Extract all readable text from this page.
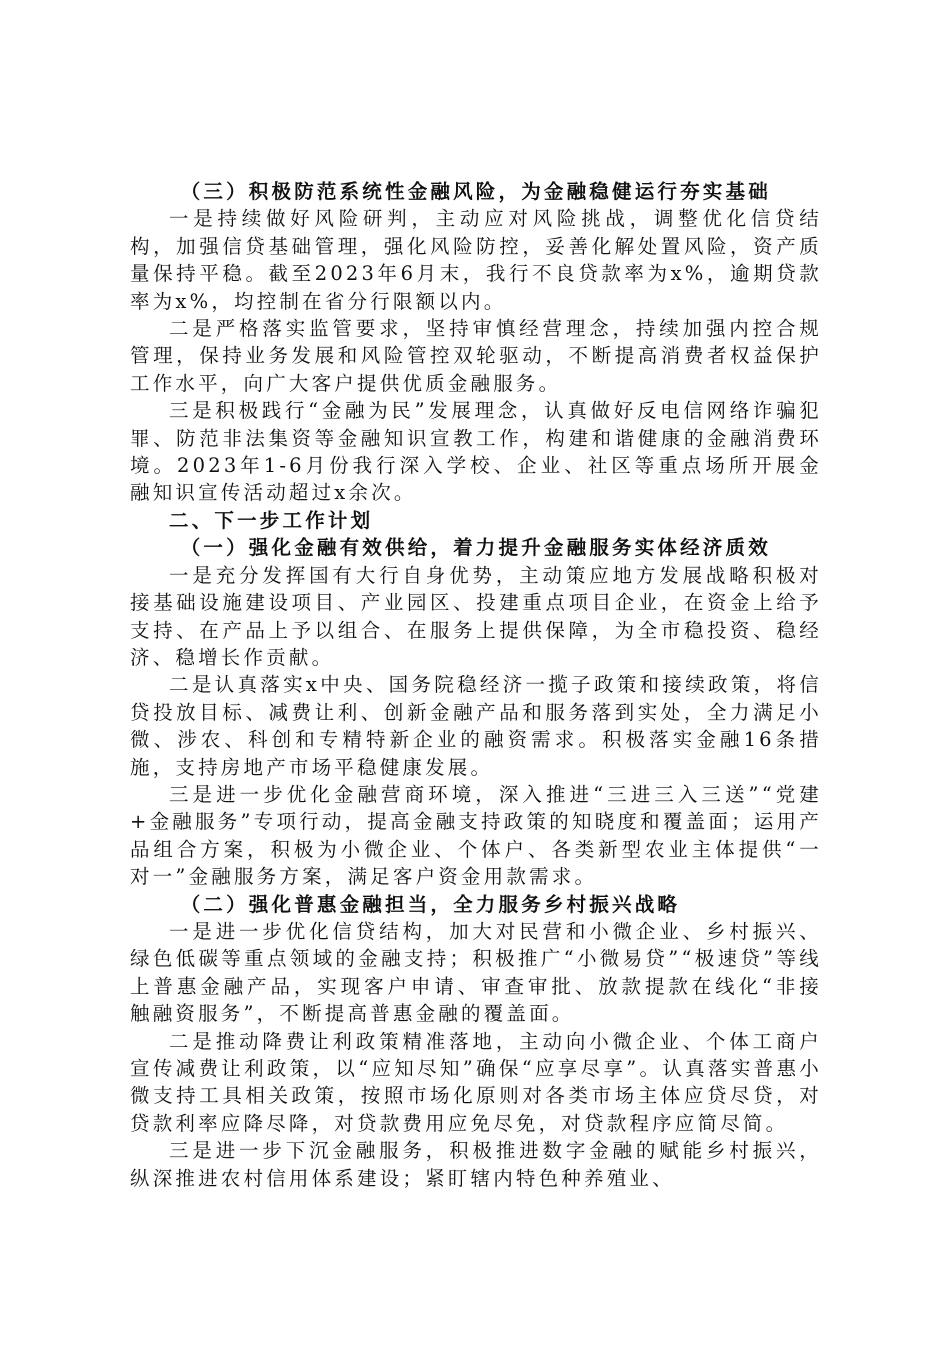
（三）积极防范系统性金融风险，为金融稳健运行夯实基础

一是持续做好风险研判，主动应对风险挑战，调整优化信贷结构，加强信贷基础管理，强化风险防控，妥善化解处置风险，资产质量保持平稳。截至2023年6月末，我行不良贷款率为x%，逾期贷款率为x%，均控制在省分行限额以内。

二是严格落实监管要求，坚持审慎经营理念，持续加强内控合规管理，保持业务发展和风险管控双轮驱动，不断提高消费者权益保护工作水平，向广大客户提供优质金融服务。

三是积极践行“金融为民”发展理念，认真做好反电信网络诈骗犯罪、防范非法集资等金融知识宣教工作，构建和谐健康的金融消费环境。2023年1-6月份我行深入学校、企业、社区等重点场所开展金融知识宣传活动超过x余次。

二、下一步工作计划

（一）强化金融有效供给，着力提升金融服务实体经济质效

一是充分发挥国有大行自身优势，主动策应地方发展战略积极对接基础设施建设项目、产业园区、投建重点项目企业，在资金上给予支持、在产品上予以组合、在服务上提供保障，为全市稳投资、稳经济、稳增长作贡献。

二是认真落实x中央、国务院稳经济一揽子政策和接续政策，将信贷投放目标、减费让利、创新金融产品和服务落到实处，全力满足小微、涉农、科创和专精特新企业的融资需求。积极落实金融16条措施，支持房地产市场平稳健康发展。

三是进一步优化金融营商环境，深入推进“三进三入三送”“党建+金融服务”专项行动，提高金融支持政策的知晓度和覆盖面；运用产品组合方案，积极为小微企业、个体户、各类新型农业主体提供“一对一”金融服务方案，满足客户资金用款需求。

（二）强化普惠金融担当，全力服务乡村振兴战略

一是进一步优化信贷结构，加大对民营和小微企业、乡村振兴、绿色低碳等重点领域的金融支持；积极推广“小微易贷”“极速贷”等线上普惠金融产品，实现客户申请、审查审批、放款提款在线化“非接触融资服务”，不断提高普惠金融的覆盖面。

二是推动降费让利政策精准落地，主动向小微企业、个体工商户宣传减费让利政策，以“应知尽知”确保“应享尽享”。认真落实普惠小微支持工具相关政策，按照市场化原则对各类市场主体应贷尽贷，对贷款利率应降尽降，对贷款费用应免尽免，对贷款程序应简尽简。

三是进一步下沉金融服务，积极推进数字金融的赋能乡村振兴，纵深推进农村信用体系建设；紧盯辖内特色种养殖业、
